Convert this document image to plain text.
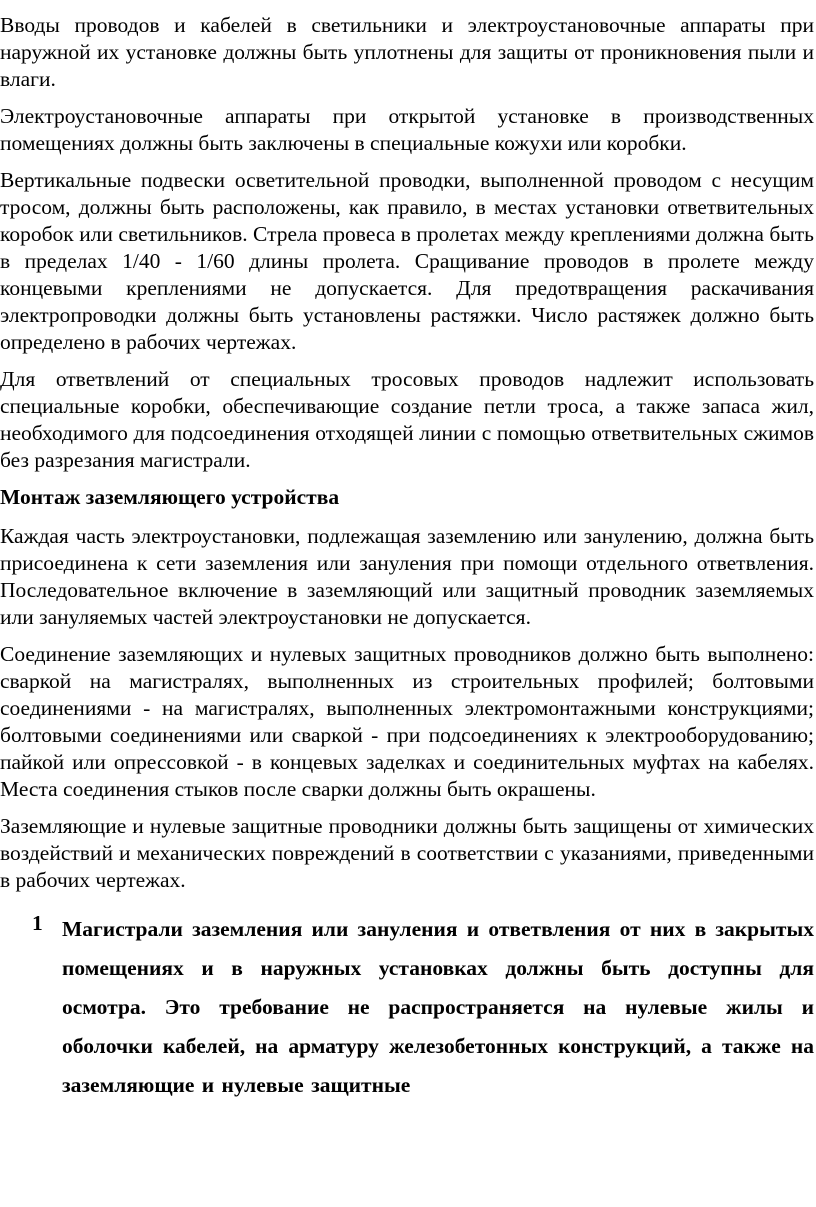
Вводы проводов и кабелей в светильники и электроустановочные аппараты при наружной их установке должны быть уплотнены для защиты от проникновения пыли и влаги.

Электроустановочные аппараты при открытой установке в производственных помещениях должны быть заключены в специальные кожухи или коробки.

Вертикальные подвески осветительной проводки, выполненной проводом с несущим тросом, должны быть расположены, как правило, в местах установки ответвительных коробок или светильников. Стрела провеса в пролетах между креплениями должна быть в пределах 1/40 - 1/60 длины пролета. Сращивание проводов в пролете между концевыми креплениями не допускается. Для предотвращения раскачивания электропроводки должны быть установлены растяжки. Число растяжек должно быть определено в рабочих чертежах.

Для ответвлений от специальных тросовых проводов надлежит использовать специальные коробки, обеспечивающие создание петли троса, а также запаса жил, необходимого для подсоединения отходящей линии с помощью ответвительных сжимов без разрезания магистрали.

Монтаж заземляющего устройства

Каждая часть электроустановки, подлежащая заземлению или занулению, должна быть присоединена к сети заземления или зануления при помощи отдельного ответвления. Последовательное включение в заземляющий или защитный проводник заземляемых или зануляемых частей электроустановки не допускается.

Соединение заземляющих и нулевых защитных проводников должно быть выполнено: сваркой на магистралях, выполненных из строительных профилей; болтовыми соединениями - на магистралях, выполненных электромонтажными конструкциями; болтовыми соединениями или сваркой - при подсоединениях к электрооборудованию; пайкой или опрессовкой - в концевых заделках и соединительных муфтах на кабелях. Места соединения стыков после сварки должны быть окрашены.

Заземляющие и нулевые защитные проводники должны быть защищены от химических воздействий и механических повреждений в соответствии с указаниями, приведенными в рабочих чертежах.

1 Магистрали заземления или зануления и ответвления от них в закрытых помещениях и в наружных установках должны быть доступны для осмотра. Это требование не распространяется на нулевые жилы и оболочки кабелей, на арматуру железобетонных конструкций, а также на заземляющие и нулевые защитные
